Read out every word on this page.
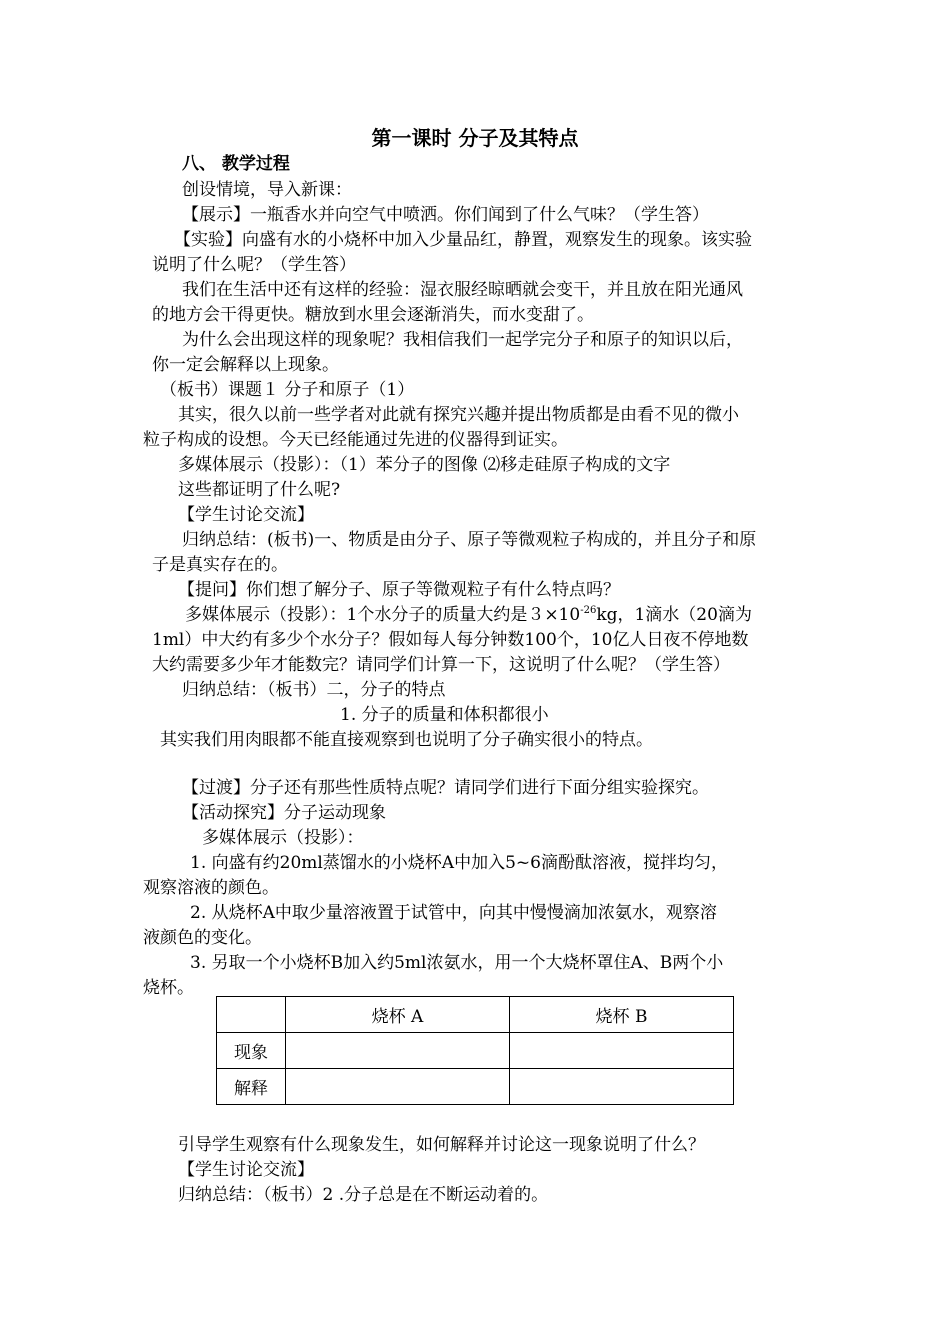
第一课时 分子及其特点
八、 教学过程
创设情境，导入新课：
【展示】一瓶香水并向空气中喷洒。你们闻到了什么气味？（学生答）
【实验】向盛有水的小烧杯中加入少量品红，静置，观察发生的现象。该实验
说明了什么呢？（学生答）
我们在生活中还有这样的经验：湿衣服经晾晒就会变干，并且放在阳光通风
的地方会干得更快。糖放到水里会逐渐消失，而水变甜了。
为什么会出现这样的现象呢？我相信我们一起学完分子和原子的知识以后，
你一定会解释以上现象。
（板书）课题１ 分子和原子（1）
其实，很久以前一些学者对此就有探究兴趣并提出物质都是由看不见的微小
粒子构成的设想。今天已经能通过先进的仪器得到证实。
多媒体展示（投影）：（1）苯分子的图像 ⑵移走硅原子构成的文字
这些都证明了什么呢?
【学生讨论交流】
归纳总结：(板书)一、物质是由分子、原子等微观粒子构成的，并且分子和原
子是真实存在的。
【提问】你们想了解分子、原子等微观粒子有什么特点吗？
多媒体展示（投影）：1个水分子的质量大约是$3\times 10^{-26}kg$，1滴水（20滴为
1ml）中大约有多少个水分子？假如每人每分钟数100个，10亿人日夜不停地数
大约需要多少年才能数完？请同学们计算一下，这说明了什么呢？（学生答）
归纳总结：（板书）二，分子的特点
1. 分子的质量和体积都很小
其实我们用肉眼都不能直接观察到也说明了分子确实很小的特点。
【过渡】分子还有那些性质特点呢？请同学们进行下面分组实验探究。
【活动探究】分子运动现象
多媒体展示（投影）：
1. 向盛有约20ml蒸馏水的小烧杯A中加入5~6滴酚酞溶液，搅拌均匀，
观察溶液的颜色。
2. 从烧杯A中取少量溶液置于试管中，向其中慢慢滴加浓氨水，观察溶
液颜色的变化。
3. 另取一个小烧杯B加入约5ml浓氨水，用一个大烧杯罩住A、B两个小
烧杯。
	烧杯 A	烧杯 B
现象		
解释		
引导学生观察有什么现象发生，如何解释并讨论这一现象说明了什么？
【学生讨论交流】
归纳总结：（板书）2 .分子总是在不断运动着的。
